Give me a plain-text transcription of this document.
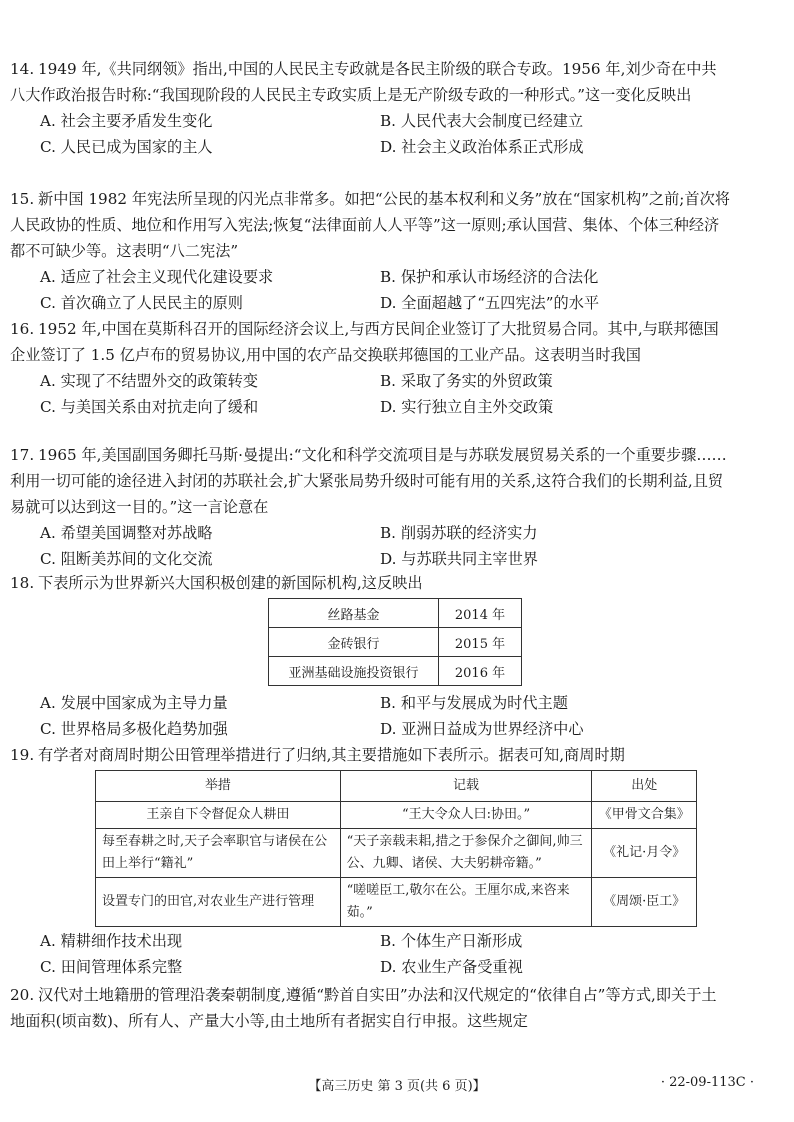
14. 1949 年,《共同纲领》指出,中国的人民民主专政就是各民主阶级的联合专政。1956 年,刘少奇在中共八大作政治报告时称:“我国现阶段的人民民主专政实质上是无产阶级专政的一种形式。”这一变化反映出

A. 社会主要矛盾发生变化	B. 人民代表大会制度已经建立
C. 人民已成为国家的主人	D. 社会主义政治体系正式形成

15. 新中国 1982 年宪法所呈现的闪光点非常多。如把“公民的基本权利和义务”放在“国家机构”之前;首次将人民政协的性质、地位和作用写入宪法;恢复“法律面前人人平等”这一原则;承认国营、集体、个体三种经济都不可缺少等。这表明“八二宪法”

A. 适应了社会主义现代化建设要求	B. 保护和承认市场经济的合法化
C. 首次确立了人民民主的原则	D. 全面超越了“五四宪法”的水平

16. 1952 年,中国在莫斯科召开的国际经济会议上,与西方民间企业签订了大批贸易合同。其中,与联邦德国企业签订了 1.5 亿卢布的贸易协议,用中国的农产品交换联邦德国的工业产品。这表明当时我国

A. 实现了不结盟外交的政策转变	B. 采取了务实的外贸政策
C. 与美国关系由对抗走向了缓和	D. 实行独立自主外交政策

17. 1965 年,美国副国务卿托马斯·曼提出:“文化和科学交流项目是与苏联发展贸易关系的一个重要步骤……利用一切可能的途径进入封闭的苏联社会,扩大紧张局势升级时可能有用的关系,这符合我们的长期利益,且贸易就可以达到这一目的。”这一言论意在

A. 希望美国调整对苏战略	B. 削弱苏联的经济实力
C. 阻断美苏间的文化交流	D. 与苏联共同主宰世界

18. 下表所示为世界新兴大国积极创建的新国际机构,这反映出

丝路基金	2014 年
金砖银行	2015 年
亚洲基础设施投资银行	2016 年
A. 发展中国家成为主导力量	B. 和平与发展成为时代主题
C. 世界格局多极化趋势加强	D. 亚洲日益成为世界经济中心

19. 有学者对商周时期公田管理举措进行了归纳,其主要措施如下表所示。据表可知,商周时期

举措	记载	出处
王亲自下令督促众人耕田	“王大令众人曰:协田。”	《甲骨文合集》
每至春耕之时,天子会率职官与诸侯在公田上举行“籍礼”	“天子亲载耒耜,措之于参保介之御间,帅三公、九卿、诸侯、大夫躬耕帝籍。”	《礼记·月令》
设置专门的田官,对农业生产进行管理	“嗟嗟臣工,敬尔在公。王厘尔成,来咨来茹。”	《周颂·臣工》
A. 精耕细作技术出现	B. 个体生产日渐形成
C. 田间管理体系完整	D. 农业生产备受重视

20. 汉代对土地籍册的管理沿袭秦朝制度,遵循“黔首自实田”办法和汉代规定的“依律自占”等方式,即关于土地面积(顷亩数)、所有人、产量大小等,由土地所有者据实自行申报。这些规定

【高三历史 第 3 页(共 6 页)】	· 22-09-113C ·
